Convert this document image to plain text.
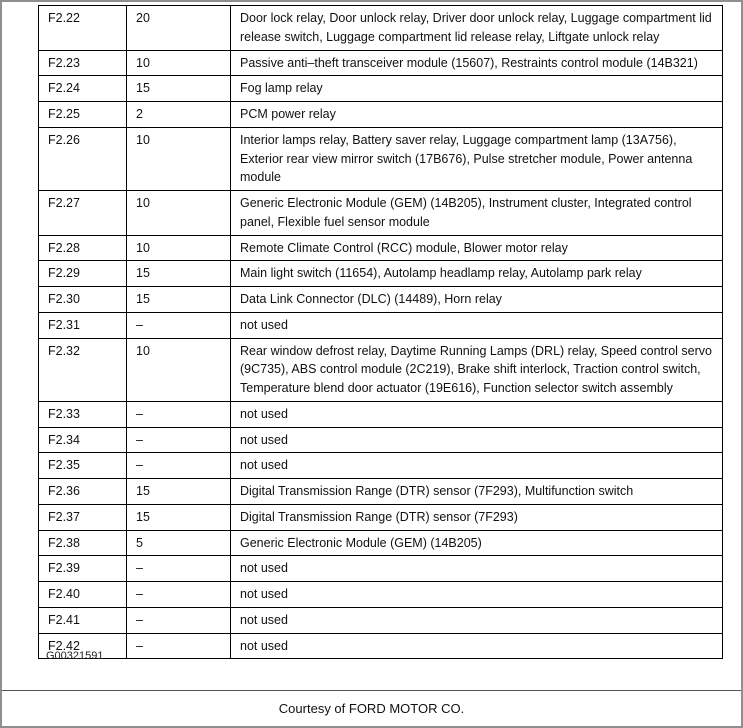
F2.22	20	Door lock relay, Door unlock relay, Driver door unlock relay, Luggage compartment lid release switch, Luggage compartment lid release relay, Liftgate unlock relay
F2.23	10	Passive anti–theft transceiver module (15607), Restraints control module (14B321)
F2.24	15	Fog lamp relay
F2.25	2	PCM power relay
F2.26	10	Interior lamps relay, Battery saver relay, Luggage compartment lamp (13A756), Exterior rear view mirror switch (17B676), Pulse stretcher module, Power antenna module
F2.27	10	Generic Electronic Module (GEM) (14B205), Instrument cluster, Integrated control panel, Flexible fuel sensor module
F2.28	10	Remote Climate Control (RCC) module, Blower motor relay
F2.29	15	Main light switch (11654), Autolamp headlamp relay, Autolamp park relay
F2.30	15	Data Link Connector (DLC) (14489), Horn relay
F2.31	–	not used
F2.32	10	Rear window defrost relay, Daytime Running Lamps (DRL) relay, Speed control servo (9C735), ABS control module (2C219), Brake shift interlock, Traction control switch, Temperature blend door actuator (19E616), Function selector switch assembly
F2.33	–	not used
F2.34	–	not used
F2.35	–	not used
F2.36	15	Digital Transmission Range (DTR) sensor (7F293), Multifunction switch
F2.37	15	Digital Transmission Range (DTR) sensor (7F293)
F2.38	5	Generic Electronic Module (GEM) (14B205)
F2.39	–	not used
F2.40	–	not used
F2.41	–	not used
F2.42	–	not used
G00321591
Courtesy of FORD MOTOR CO.
